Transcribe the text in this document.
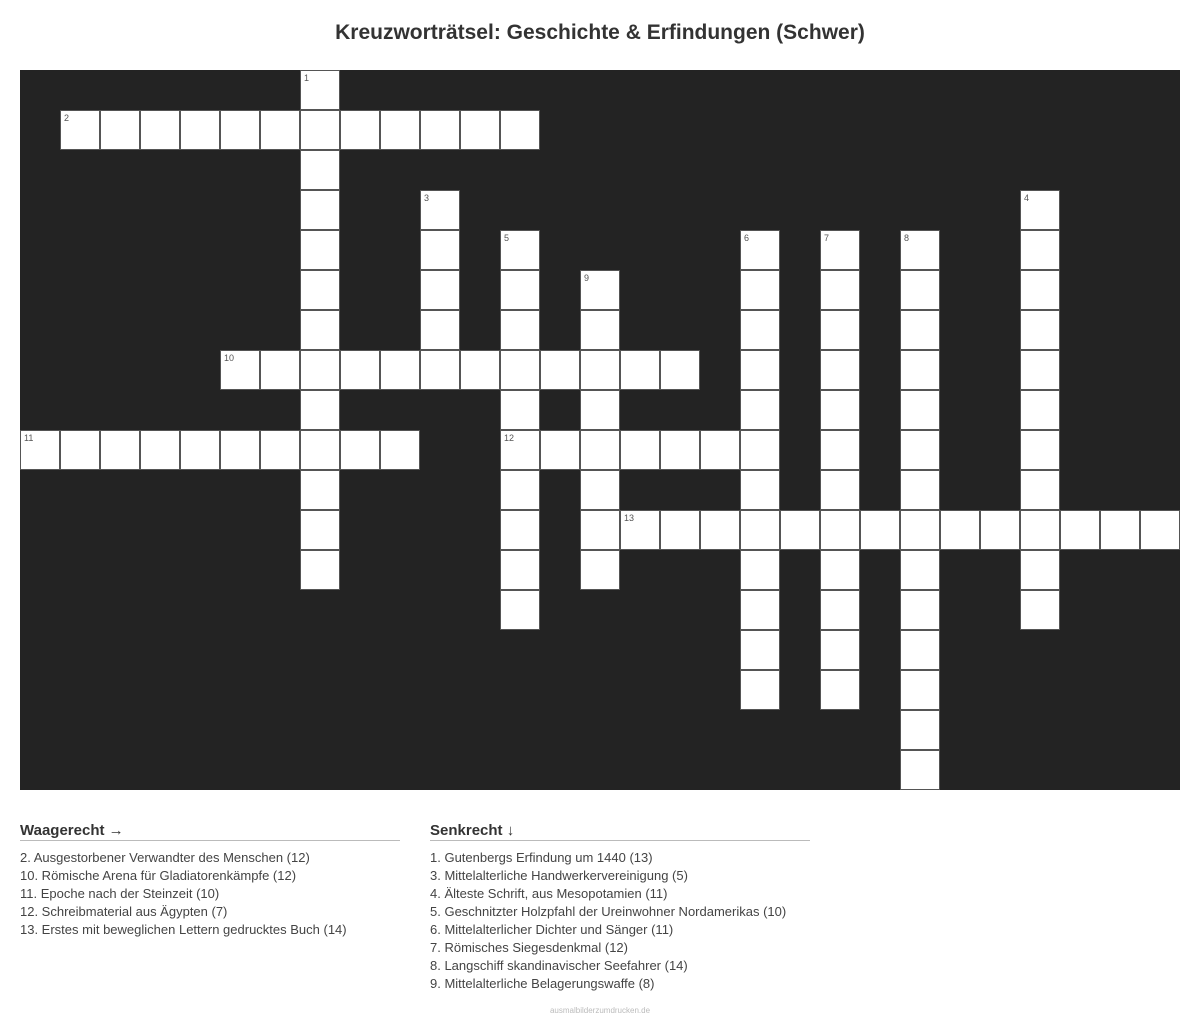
Kreuzworträtsel: Geschichte & Erfindungen (Schwer)
1
2
3	4
5
12
6	7	8
9
10
11
13
Waagerecht →
2. Ausgestorbener Verwandter des Menschen (12)
10. Römische Arena für Gladiatorenkämpfe (12)
11. Epoche nach der Steinzeit (10)
12. Schreibmaterial aus Ägypten (7)
13. Erstes mit beweglichen Lettern gedrucktes Buch (14)
Senkrecht ↓
1. Gutenbergs Erfindung um 1440 (13)
3. Mittelalterliche Handwerkervereinigung (5)
4. Älteste Schrift, aus Mesopotamien (11)
5. Geschnitzter Holzpfahl der Ureinwohner Nordamerikas (10)
6. Mittelalterlicher Dichter und Sänger (11)
7. Römisches Siegesdenkmal (12)
8. Langschiff skandinavischer Seefahrer (14)
9. Mittelalterliche Belagerungswaffe (8)
ausmalbilderzumdrucken.de
